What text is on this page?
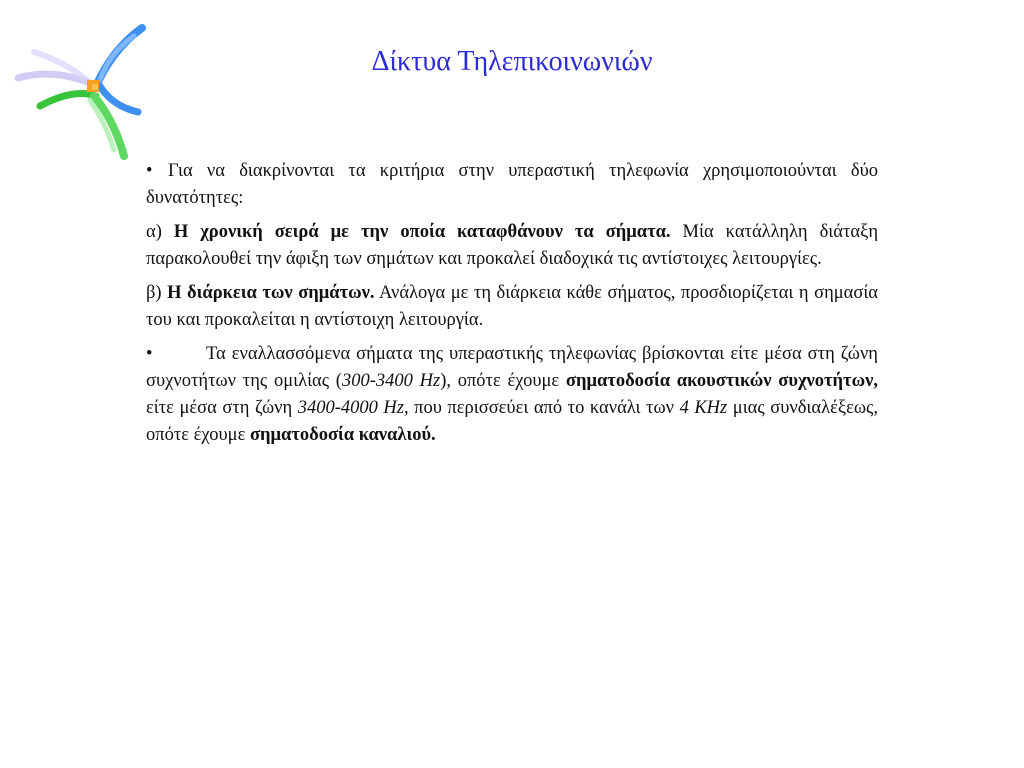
Δίκτυα Τηλεπικοινωνιών

• Για να διακρίνονται τα κριτήρια στην υπεραστική τηλεφωνία χρησιμοποιούνται δύο δυνατότητες:

α) Η χρονική σειρά με την οποία καταφθάνουν τα σήματα. Μία κατάλληλη διάταξη παρακολουθεί την άφιξη των σημάτων και προκαλεί διαδοχικά τις αντίστοιχες λειτουργίες.

β) Η διάρκεια των σημάτων. Ανάλογα με τη διάρκεια κάθε σήματος, προσδιορίζεται η σημασία του και προκαλείται η αντίστοιχη λειτουργία.

•	Τα εναλλασσόμενα σήματα της υπεραστικής τηλεφωνίας βρίσκονται είτε μέσα στη ζώνη συχνοτήτων της ομιλίας (300-3400 Hz), οπότε έχουμε σηματοδοσία ακουστικών συχνοτήτων, είτε μέσα στη ζώνη 3400-4000 Hz, που περισσεύει από το κανάλι των 4 KHz μιας συνδιαλέξεως, οπότε έχουμε σηματοδοσία καναλιού.
